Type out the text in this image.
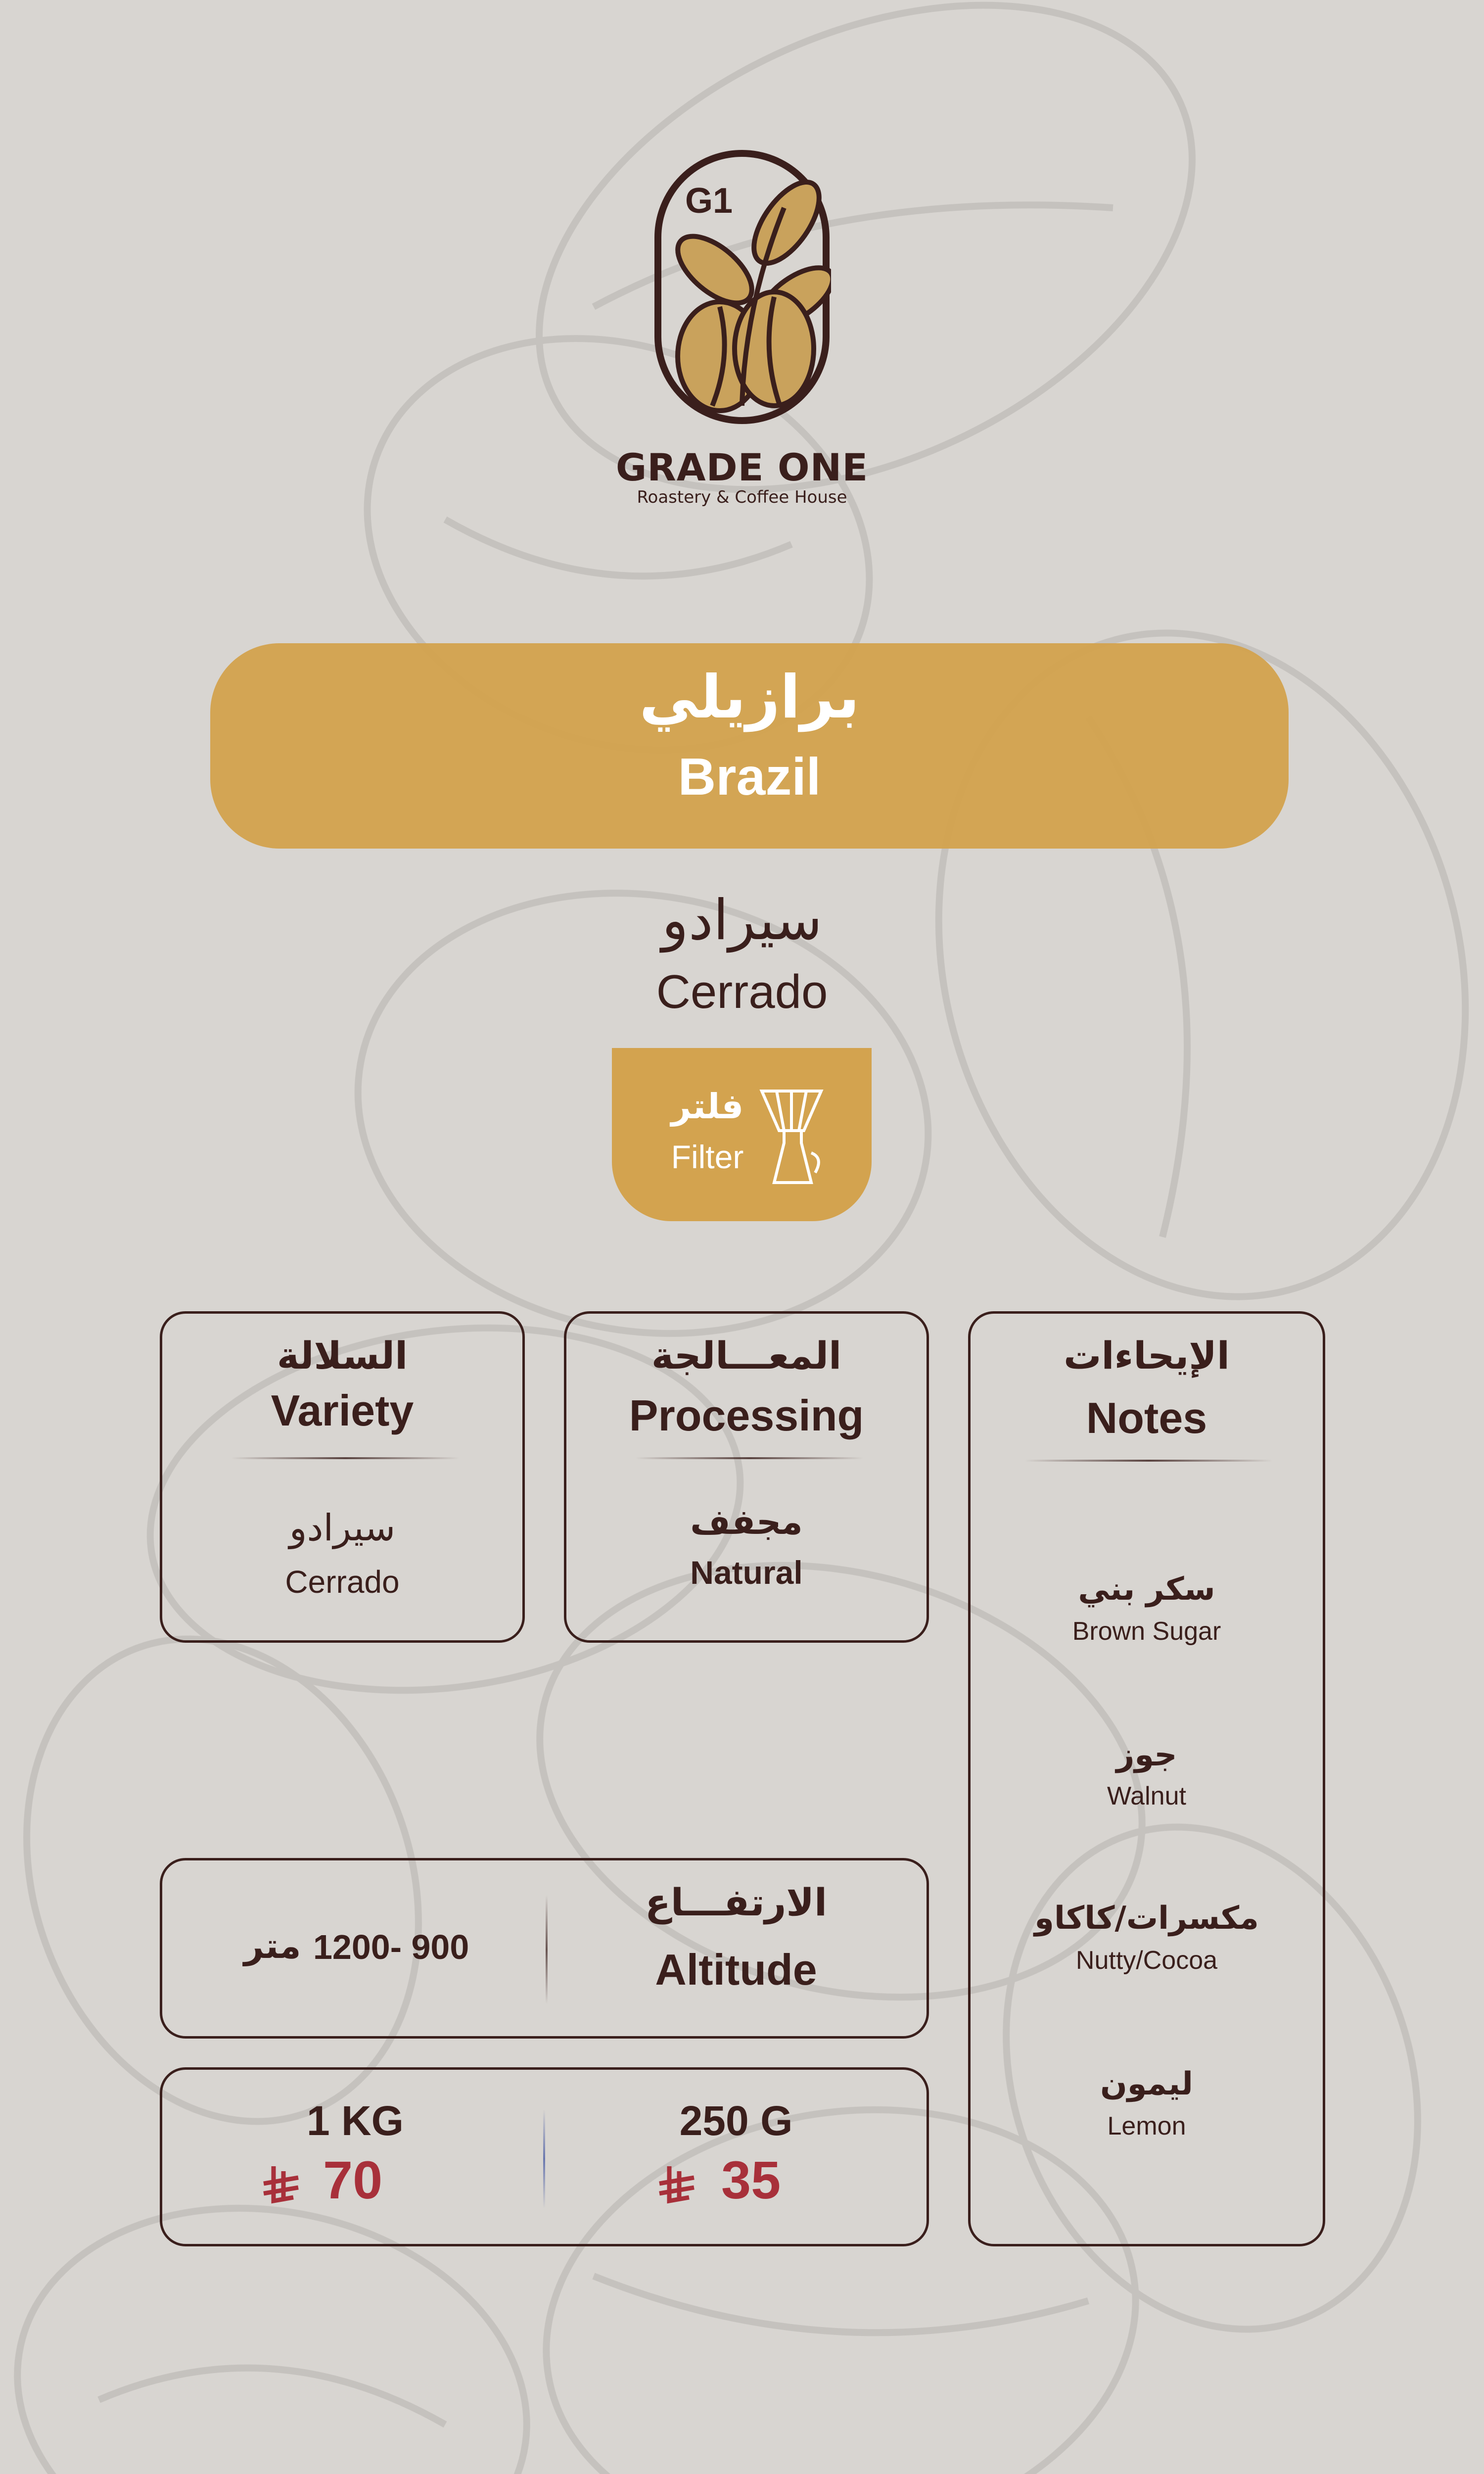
G1
GRADE ONE
Roastery & Coffee House
برازيلي
Brazil
سيرادو
Cerrado
فلتر
Filter
السلالة
Variety
سيرادو
Cerrado
المعـــالجة
Processing
مجفف
Natural
الإيحاءات
Notes
سكر بني
Brown Sugar
جوز
Walnut
مكسرات/كاكاو
Nutty/Cocoa
ليمون
Lemon
1200- 900
متر
الارتفـــاع
Altitude
1 KG
70
250 G
35
